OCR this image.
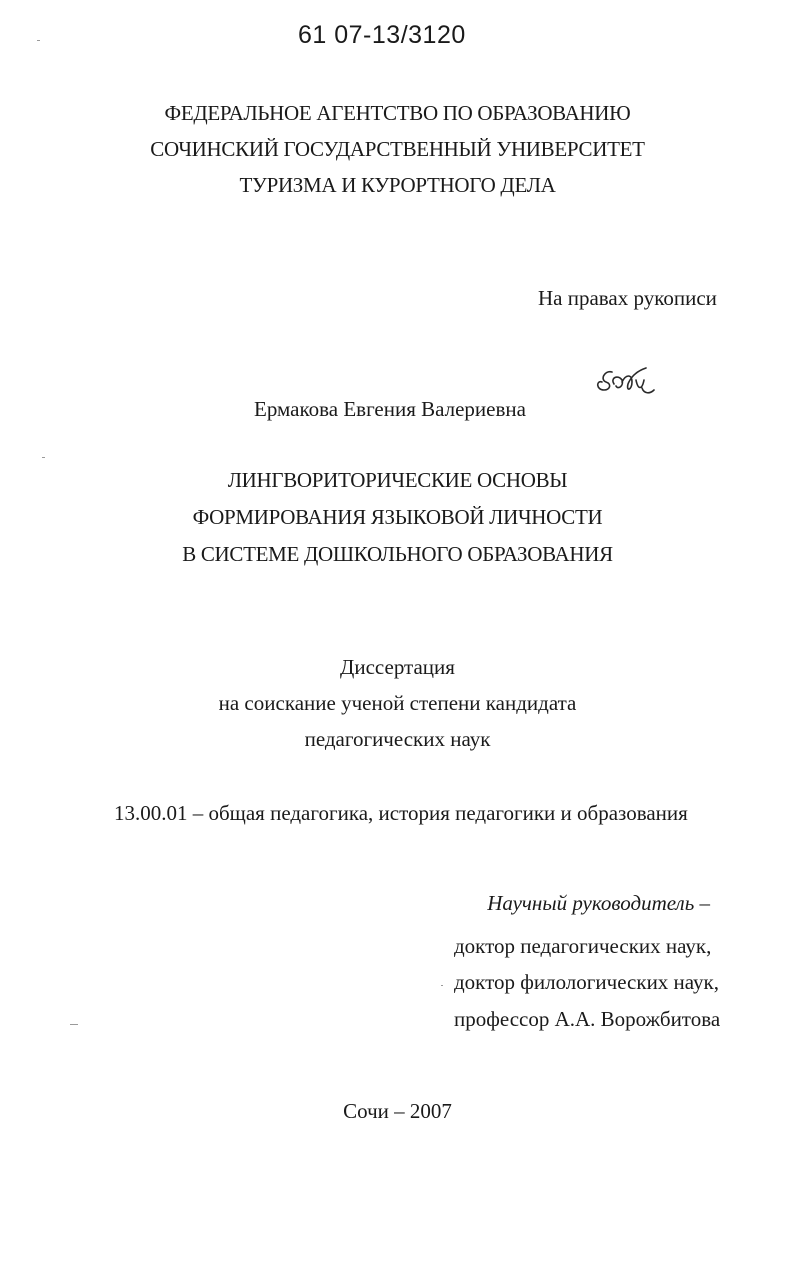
61 07-13/3120
ФЕДЕРАЛЬНОЕ АГЕНТСТВО ПО ОБРАЗОВАНИЮ
СОЧИНСКИЙ ГОСУДАРСТВЕННЫЙ УНИВЕРСИТЕТ
ТУРИЗМА И КУРОРТНОГО ДЕЛА
На правах рукописи
Ермакова Евгения Валериевна
ЛИНГВОРИТОРИЧЕСКИЕ ОСНОВЫ
ФОРМИРОВАНИЯ ЯЗЫКОВОЙ ЛИЧНОСТИ
В СИСТЕМЕ ДОШКОЛЬНОГО ОБРАЗОВАНИЯ
Диссертация
на соискание ученой степени кандидата
педагогических наук
13.00.01 – общая педагогика, история педагогики и образования
Научный руководитель –
доктор педагогических наук,
доктор филологических наук,
профессор А.А. Ворожбитова
Сочи – 2007
